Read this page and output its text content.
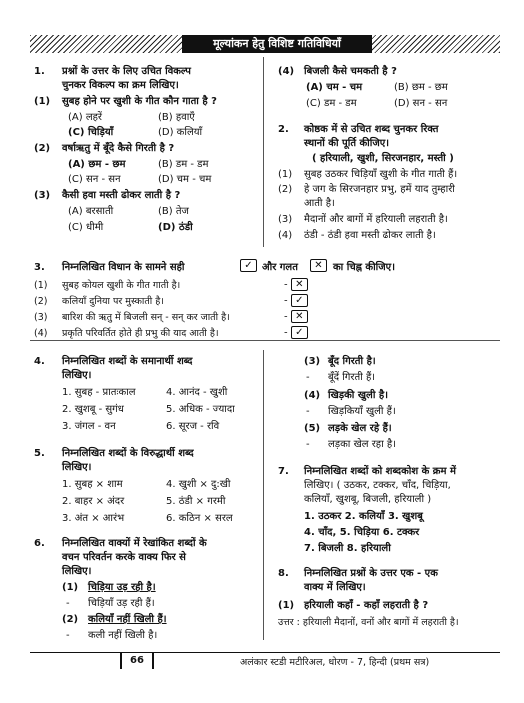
मूल्यांकन हेतु विशिष्ट गतिविधियाँ
1. प्रश्नों के उत्तर के लिए उचित विकल्प
चुनकर विकल्प का क्रम लिखिए।
(1) सुबह होने पर खुशी के गीत कौन गाता है ?
(A) लहरें	(B) हवाएँ
(C) चिड़ियाँ	(D) कलियाँ
(2) वर्षाऋतु में बूँदे कैसे गिरती है ?
(A) छम - छम	(B) डम - डम
(C) सन - सन	(D) चम - चम
(3) कैसी हवा मस्ती ढोकर लाती है ?
(A) बरसाती	(B) तेज
(C) धीमी	(D) ठंडी
(4) बिजली कैसे चमकती है ?
(A) चम - चम	(B) छम - छम
(C) डम - डम	(D) सन - सन
2. कोष्ठक में से उचित शब्द चुनकर रिक्त
स्थानों की पूर्ति कीजिए।
( हरियाली, खुशी, सिरजनहार, मस्ती )
(1) सुबह उठकर चिड़ियाँ खुशी के गीत गाती हैं।
(2) हे जग के सिरजनहार प्रभु, हमें याद तुम्हारी
आती है।
(3) मैदानों और बागों में हरियाली लहराती है।
(4) ठंडी - ठंडी हवा मस्ती ढोकर लाती है।
3. निम्नलिखित विधान के सामने सही	✓ और गलत	✕	का चिह्न कीजिए।
(1) सुबह कोयल खुशी के गीत गाती है।	- ✕
(2) कलियाँ दुनिया पर मुस्काती है।	- ✓
(3) बारिश की ऋतु में बिजली सन् - सन् कर जाती है।	- ✕
(4) प्रकृति परिवर्तित होते ही प्रभु की याद आती है।	- ✓
4. निम्नलिखित शब्दों के समानार्थी शब्द
लिखिए।
1. सुबह - प्रातःकाल	4. आनंद - खुशी
2. खुशबू - सुगंध	5. अधिक - ज्यादा
3. जंगल - वन	6. सूरज - रवि
5. निम्नलिखित शब्दों के विरुद्धार्थी शब्द
लिखिए।
1. सुबह × शाम	4. खुशी × दु:खी
2. बाहर × अंदर	5. ठंडी × गरमी
3. अंत × आरंभ	6. कठिन × सरल
6. निम्नलिखित वाक्यों में रेखांकित शब्दों के
वचन परिवर्तन करके वाक्य फिर से
लिखिए।
(1) चिड़िया उड़ रही है।
- चिड़ियाँ उड़ रही हैं।
(2) कलियाँ नहीं खिली हैं।
- कली नहीं खिली है।
(3) बूँद गिरती है।
- बूँदें गिरती हैं।
(4) खिड़की खुली है।
- खिड़कियाँ खुली हैं।
(5) लड़के खेल रहे हैं।
- लड़का खेल रहा है।
7. निम्नलिखित शब्दों को शब्दकोश के क्रम में
लिखिए। ( उठकर, टक्कर, चाँद, चिड़िया,
कलियाँ, खुशबू, बिजली, हरियाली )
1. उठकर 2. कलियाँ 3. खुशबू
4. चाँद, 5. चिड़िया 6. टक्कर
7. बिजली 8. हरियाली
8. निम्नलिखित प्रश्नों के उत्तर एक - एक
वाक्य में लिखिए।
(1) हरियाली कहाँ - कहाँ लहराती है ?
उत्तर : हरियाली मैदानों, वनों और बागों में लहराती है।
66	अलंकार स्टडी मटीरिअल, धोरण - 7, हिन्दी (प्रथम सत्र)
